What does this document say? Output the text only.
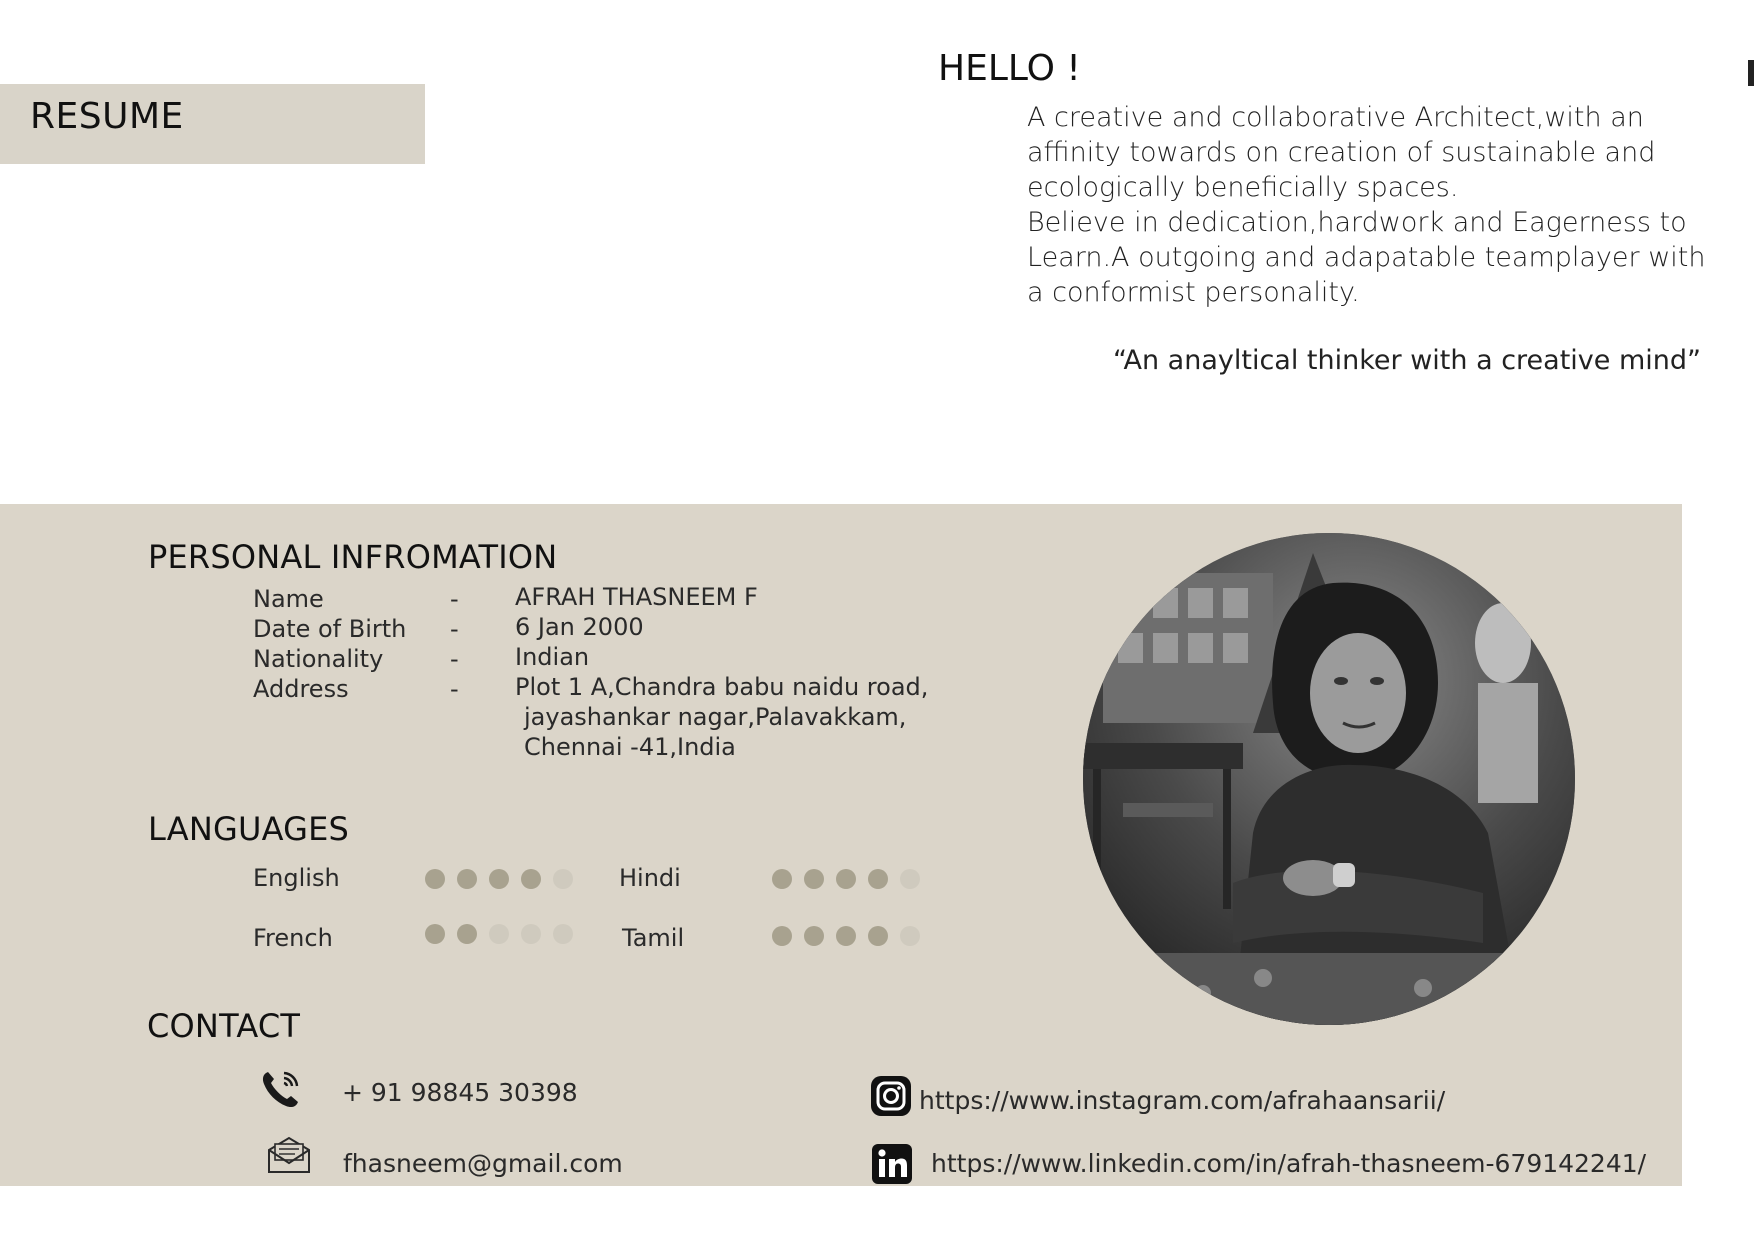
RESUME
HELLO !

A creative and collaborative Architect,with an affinity towards on creation of sustainable and ecologically beneficially spaces.

Believe in dedication,hardwork and Eagerness to Learn.A outgoing and adapatable teamplayer with a conformist personality.

“An anayltical thinker with a creative mind”
PERSONAL INFROMATION
Name	- AFRAH THASNEEM F
Date of Birth - 6 Jan 2000
Nationality	- Indian
Address	- Plot 1 A,Chandra babu naidu road,
jayashankar nagar,Palavakkam,
Chennai -41,India
LANGUAGES
English	Hindi
French	Tamil
CONTACT
+ 91 98845 30398
fhasneem@gmail.com
https://www.instagram.com/afrahaansarii/
https://www.linkedin.com/in/afrah-thasneem-679142241/
